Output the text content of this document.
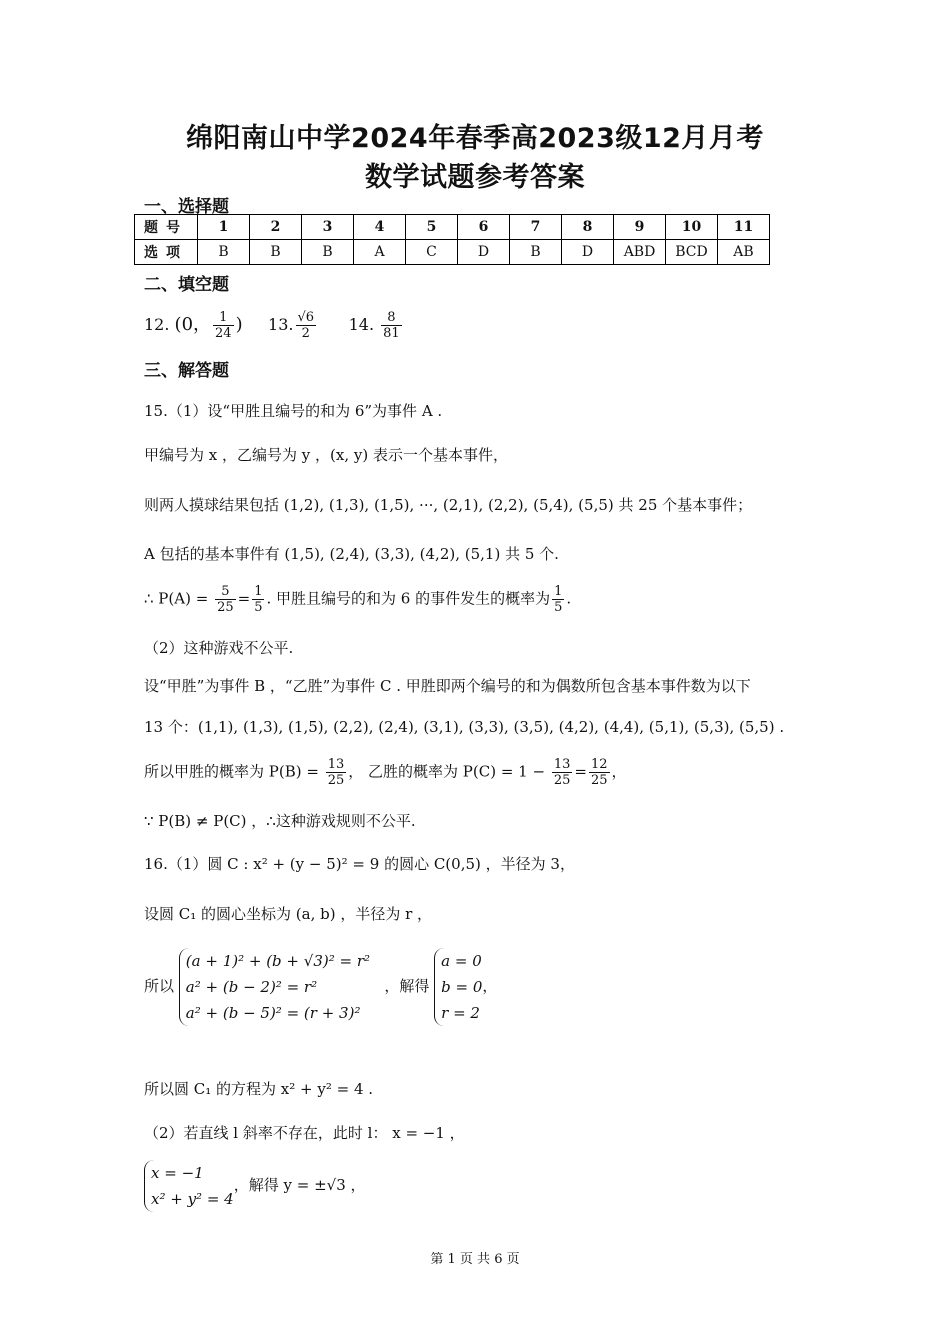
绵阳南山中学2024年春季高2023级12月月考
数学试题参考答案
一、选择题
题号	1	2	3	4	5	6	7	8	9	10	11
选项	B	B	B	A	C	D	B	D	ABD	BCD	AB
二、填空题
12. (0， $\frac{1}{24}$ ) 13. $\frac{√6}{2} 14$. $\frac{8}{81}$
三、解答题
15.（1）设“甲胜且编号的和为 6”为事件 A .
甲编号为 x ，乙编号为 y ，(x, y) 表示一个基本事件，
则两人摸球结果包括 (1,2), (1,3), (1,5), ···, (2,1), (2,2), (5,4), (5,5) 共 25 个基本事件；
A 包括的基本事件有 (1,5), (2,4), (3,3), (4,2), (5,1) 共 5 个.
∴ $P(A) = \frac{5}{25} = \frac{1}{5}$ . 甲胜且编号的和为 6 的事件发生的概率为 $\frac{1}{5}$ .
（2）这种游戏不公平.
设“甲胜”为事件 B ，“乙胜”为事件 C . 甲胜即两个编号的和为偶数所包含基本事件数为以下
13 个：(1,1), (1,3), (1,5), (2,2), (2,4), (3,1), (3,3), (3,5), (4,2), (4,4), (5,1), (5,3), (5,5) .
所以甲胜的概率为 $P(B) = \frac{13}{25}$ ， 乙胜的概率为 $P(C) = 1 - \frac{13}{25} = \frac{12}{25}$ ，
∵ P(B) ≠ P(C) ，∴这种游戏规则不公平.
16.（1）圆 C : x² + (y − 5)² = 9 的圆心 C(0,5) ，半径为 3，
设圆 C₁ 的圆心坐标为 (a, b) ，半径为 r ，
所以
(a + 1)² + (b + √3)² = r²
a² + (b − 2)² = r²
a² + (b − 5)² = (r + 3)²
，解得
a = 0
b = 0
r = 2
，
所以圆 C₁ 的方程为 x² + y² = 4 .
（2）若直线 l 斜率不存在，此时 l： x = −1 ，
x = −1
x² + y² = 4
，解得 y = ±√3 ，
第 1 页 共 6 页
